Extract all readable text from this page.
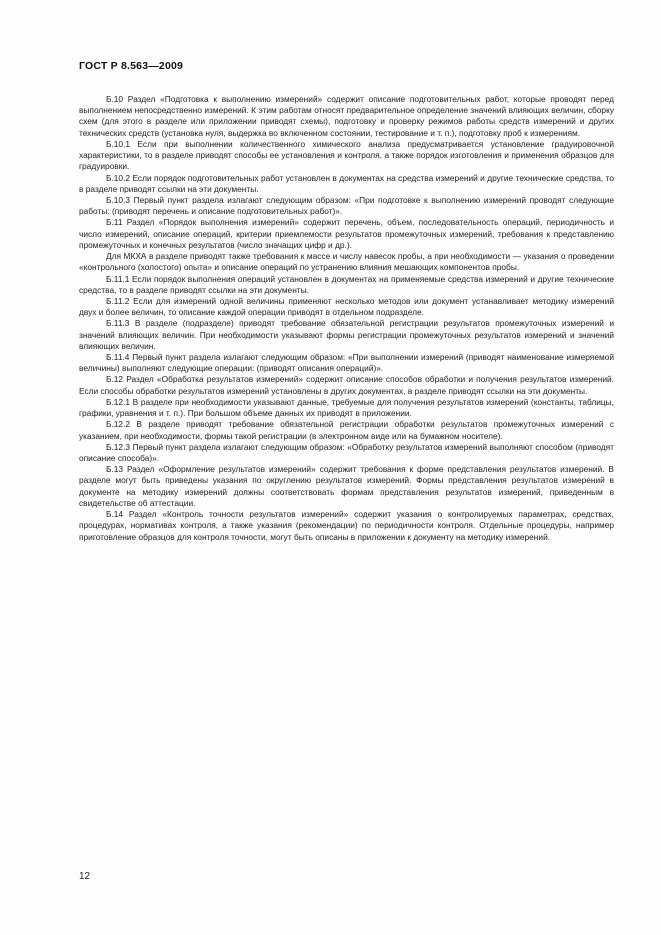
ГОСТ Р 8.563—2009

Б.10 Раздел «Подготовка к выполнению измерений» содержит описание подготовительных работ, которые проводят перед выполнением непосредственно измерений. К этим работам относят предварительное определение значений влияющих величин, сборку схем (для этого в разделе или приложении приводят схемы), подготовку и проверку режимов работы средств измерений и других технических средств (установка нуля, выдержка во включенном состоянии, тестирование и т. п.), подготовку проб к измерениям.

Б.10.1 Если при выполнении количественного химического анализа предусматривается установление градуировочной характеристики, то в разделе приводят способы ее установления и контроля, а также порядок изготовления и применения образцов для градуировки.

Б.10.2 Если порядок подготовительных работ установлен в документах на средства измерений и другие технические средства, то в разделе приводят ссылки на эти документы.

Б.10.3 Первый пункт раздела излагают следующим образом: «При подготовке к выполнению измерений проводят следующие работы: (приводят перечень и описание подготовительных работ)».

Б.11 Раздел «Порядок выполнения измерений» содержит перечень, объем, последовательность операций, периодичность и число измерений, описание операций, критерии приемлемости результатов промежуточных измерений, требования к представлению промежуточных и конечных результатов (число значащих цифр и др.).

Для МКХА в разделе приводят также требования к массе и числу навесок пробы, а при необходимости — указания о проведении «контрольного (холостого) опыта» и описание операций по устранению влияния мешающих компонентов пробы.

Б.11.1 Если порядок выполнения операций установлен в документах на применяемые средства измерений и другие технические средства, то в разделе приводят ссылки на эти документы.

Б.11.2 Если для измерений одной величины применяют несколько методов или документ устанавливает методику измерений двух и более величин, то описание каждой операции приводят в отдельном подразделе.

Б.11.3 В разделе (подразделе) приводят требование обязательной регистрации результатов промежуточных измерений и значений влияющих величин. При необходимости указывают формы регистрации промежуточных результатов измерений и значений влияющих величин.

Б.11.4 Первый пункт раздела излагают следующим образом: «При выполнении измерений (приводят наименование измеряемой величины) выполняют следующие операции: (приводят описания операций)».

Б.12 Раздел «Обработка результатов измерений» содержит описание способов обработки и получения результатов измерений. Если способы обработки результатов измерений установлены в других документах, в разделе приводят ссылки на эти документы.

Б.12.1 В разделе при необходимости указывают данные, требуемые для получения результатов измерений (константы, таблицы, графики, уравнения и т. п.). При большом объеме данных их приводят в приложении.

Б.12.2 В разделе приводят требование обязательной регистрации обработки результатов промежуточных измерений с указанием, при необходимости, формы такой регистрации (в электронном виде или на бумажном носителе).

Б.12.3 Первый пункт раздела излагают следующим образом: «Обработку результатов измерений выполняют способом (приводят описание способа)».

Б.13 Раздел «Оформление результатов измерений» содержит требования к форме представления результатов измерений. В разделе могут быть приведены указания по округлению результатов измерений. Формы представления результатов измерений в документе на методику измерений должны соответствовать формам представления результатов измерений, приведенным в свидетельстве об аттестации.

Б.14 Раздел «Контроль точности результатов измерений» содержит указания о контролируемых параметрах, средствах, процедурах, нормативах контроля, а также указания (рекомендации) по периодичности контроля. Отдельные процедуры, например приготовление образцов для контроля точности, могут быть описаны в приложении к документу на методику измерений.

12
